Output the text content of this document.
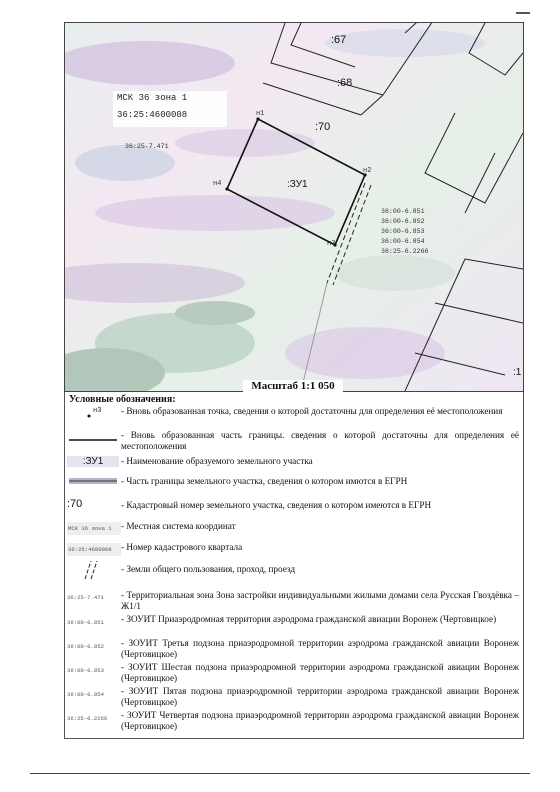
:67
:68
:70
:ЗУ1
:1
н1
н2
н3
н4
36:25-7.471
36:00-6.851
36:00-6.852
36:00-6.853
36:00-6.854
36:25-6.2266
МСК 36 зона 1
36:25:4600008
Масштаб 1:1 050
Условные обозначения:
н3 - Вновь образованная точка, сведения о которой достаточны для определения её местоположения
- Вновь образованная часть границы. сведения о которой достаточны для определения её местоположения
:ЗУ1	- Наименование образуемого земельного участка
- Часть границы земельного участка, сведения о котором имются в ЕГРН
:70	- Кадастровый номер земельного участка, сведения о котором имеются в ЕГРН
МСК 36 зона 1	- Местная система координат
36:25:4600008	- Номер кадастрового квартала
- Земли общего пользования, проход, проезд
36:25-7.471	- Территориальная зона Зона застройки индивидуальными жилыми домами села Русская Гвоздёвка – Ж1/1
36:00-6.851	- ЗОУИТ Приаэродромная территория аэродрома гражданской авиации Воронеж (Чертовицкое)
36:00-6.852	- ЗОУИТ Третья подзона приаэродромной территории аэродрома гражданской авиации Воронеж (Чертовицкое)
36:00-6.853	- ЗОУИТ Шестая подзона приаэродромной территории аэродрома гражданской авиации Воронеж (Чертовицкое)
36:00-6.854	- ЗОУИТ Пятая подзона приаэродромной территории аэродрома гражданской авиации Воронеж (Чертовицкое)
36:25-6.2266	- ЗОУИТ Четвертая подзона приаэродромной территории аэродрома гражданской авиации Воронеж (Чертовицкое)
